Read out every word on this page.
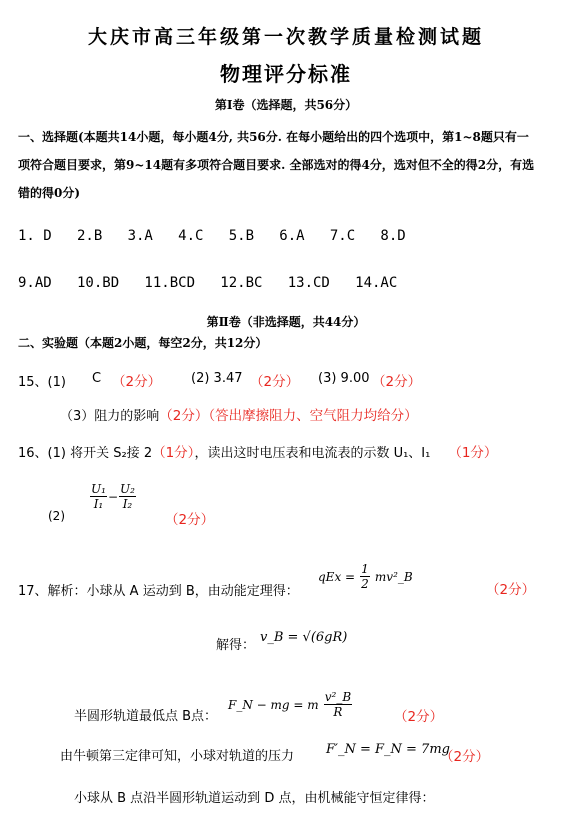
大庆市高三年级第一次教学质量检测试题
物理评分标准
第Ⅰ卷（选择题，共56分）
一、选择题(本题共14小题，每小题4分, 共56分. 在每小题给出的四个选项中，第1~8题只有一
项符合题目要求，第9~14题有多项符合题目要求. 全部选对的得4分，选对但不全的得2分，有选
错的得0分)
1. D   2.B   3.A   4.C   5.B   6.A   7.C   8.D
9.AD   10.BD   11.BCD   12.BC   13.CD   14.AC
第Ⅱ卷（非选择题，共44分）
二、实验题（本题2小题，每空2分，共12分）
15、(1) C （2分） (2) 3.47 （2分） (3) 9.00 （2分）
（3）阻力的影响（2分）（答出摩擦阻力、空气阻力均给分）
16、(1) 将开关 S₂接 2（1分），读出这时电压表和电流表的示数 U₁、I₁ （1分）
(2)
$\frac{\text{U₁}}{\text{I₁}} - \frac{\text{U₂}}{\text{I₂}}$
（2分）
17、解析：小球从 A 运动到 B，由动能定理得：
qEx = $\frac{1}{2}$ mv²_B
（2分）
解得：
v_B = √(6gR)
半圆形轨道最低点 B点：
F_N − mg = m $\frac{\text{v²\_B}}{R}$	（2分）
由牛顿第三定律可知，小球对轨道的压力 F′_N = F_N = 7mg
（2分）
小球从 B 点沿半圆形轨道运动到 D 点，由机械能守恒定律得：
